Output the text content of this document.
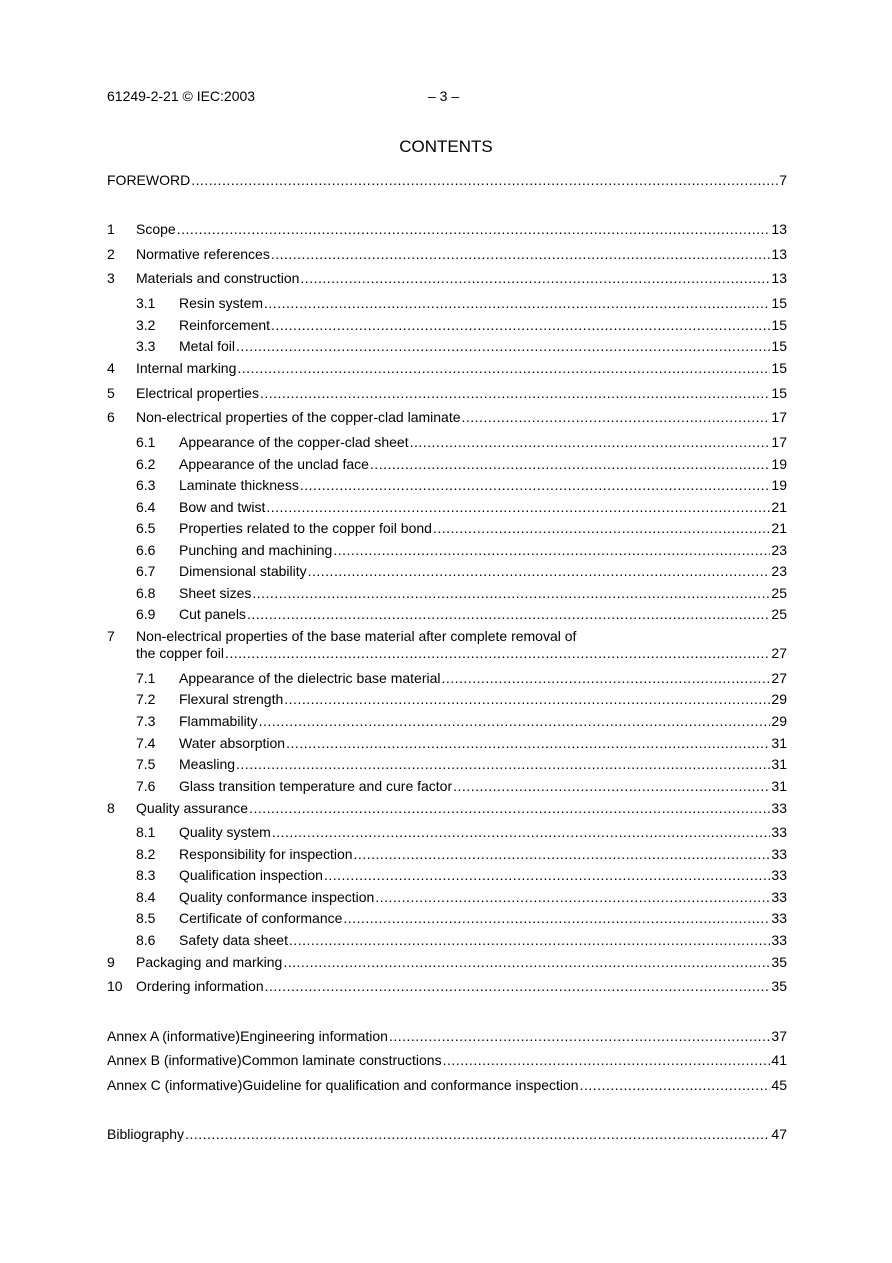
61249-2-21 © IEC:2003	– 3 –
CONTENTS
FOREWORD .....	7
1	Scope .....	13
2	Normative references .....	13
3	Materials and construction .....	13
3.1	Resin system .....	15
3.2	Reinforcement .....	15
3.3	Metal foil .....	15
4	Internal marking .....	15
5	Electrical properties .....	15
6	Non-electrical properties of the copper-clad laminate .....	17
6.1	Appearance of the copper-clad sheet .....	17
6.2	Appearance of the unclad face .....	19
6.3	Laminate thickness .....	19
6.4	Bow and twist .....	21
6.5	Properties related to the copper foil bond .....	21
6.6	Punching and machining .....	23
6.7	Dimensional stability .....	23
6.8	Sheet sizes .....	25
6.9	Cut panels .....	25
7	Non-electrical properties of the base material after complete removal of
the copper foil .....	27
7.1	Appearance of the dielectric base material .....	27
7.2	Flexural strength .....	29
7.3	Flammability .....	29
7.4	Water absorption .....	31
7.5	Measling .....	31
7.6	Glass transition temperature and cure factor .....	31
8	Quality assurance .....	33
8.1	Quality system .....	33
8.2	Responsibility for inspection .....	33
8.3	Qualification inspection .....	33
8.4	Quality conformance inspection .....	33
8.5	Certificate of conformance .....	33
8.6	Safety data sheet .....	33
9	Packaging and marking .....	35
10 Ordering information .....	35
Annex A (informative) Engineering information .....	37
Annex B (informative) Common laminate constructions .....	41
Annex C (informative) Guideline for qualification and conformance inspection .....	45
Bibliography .....	47
